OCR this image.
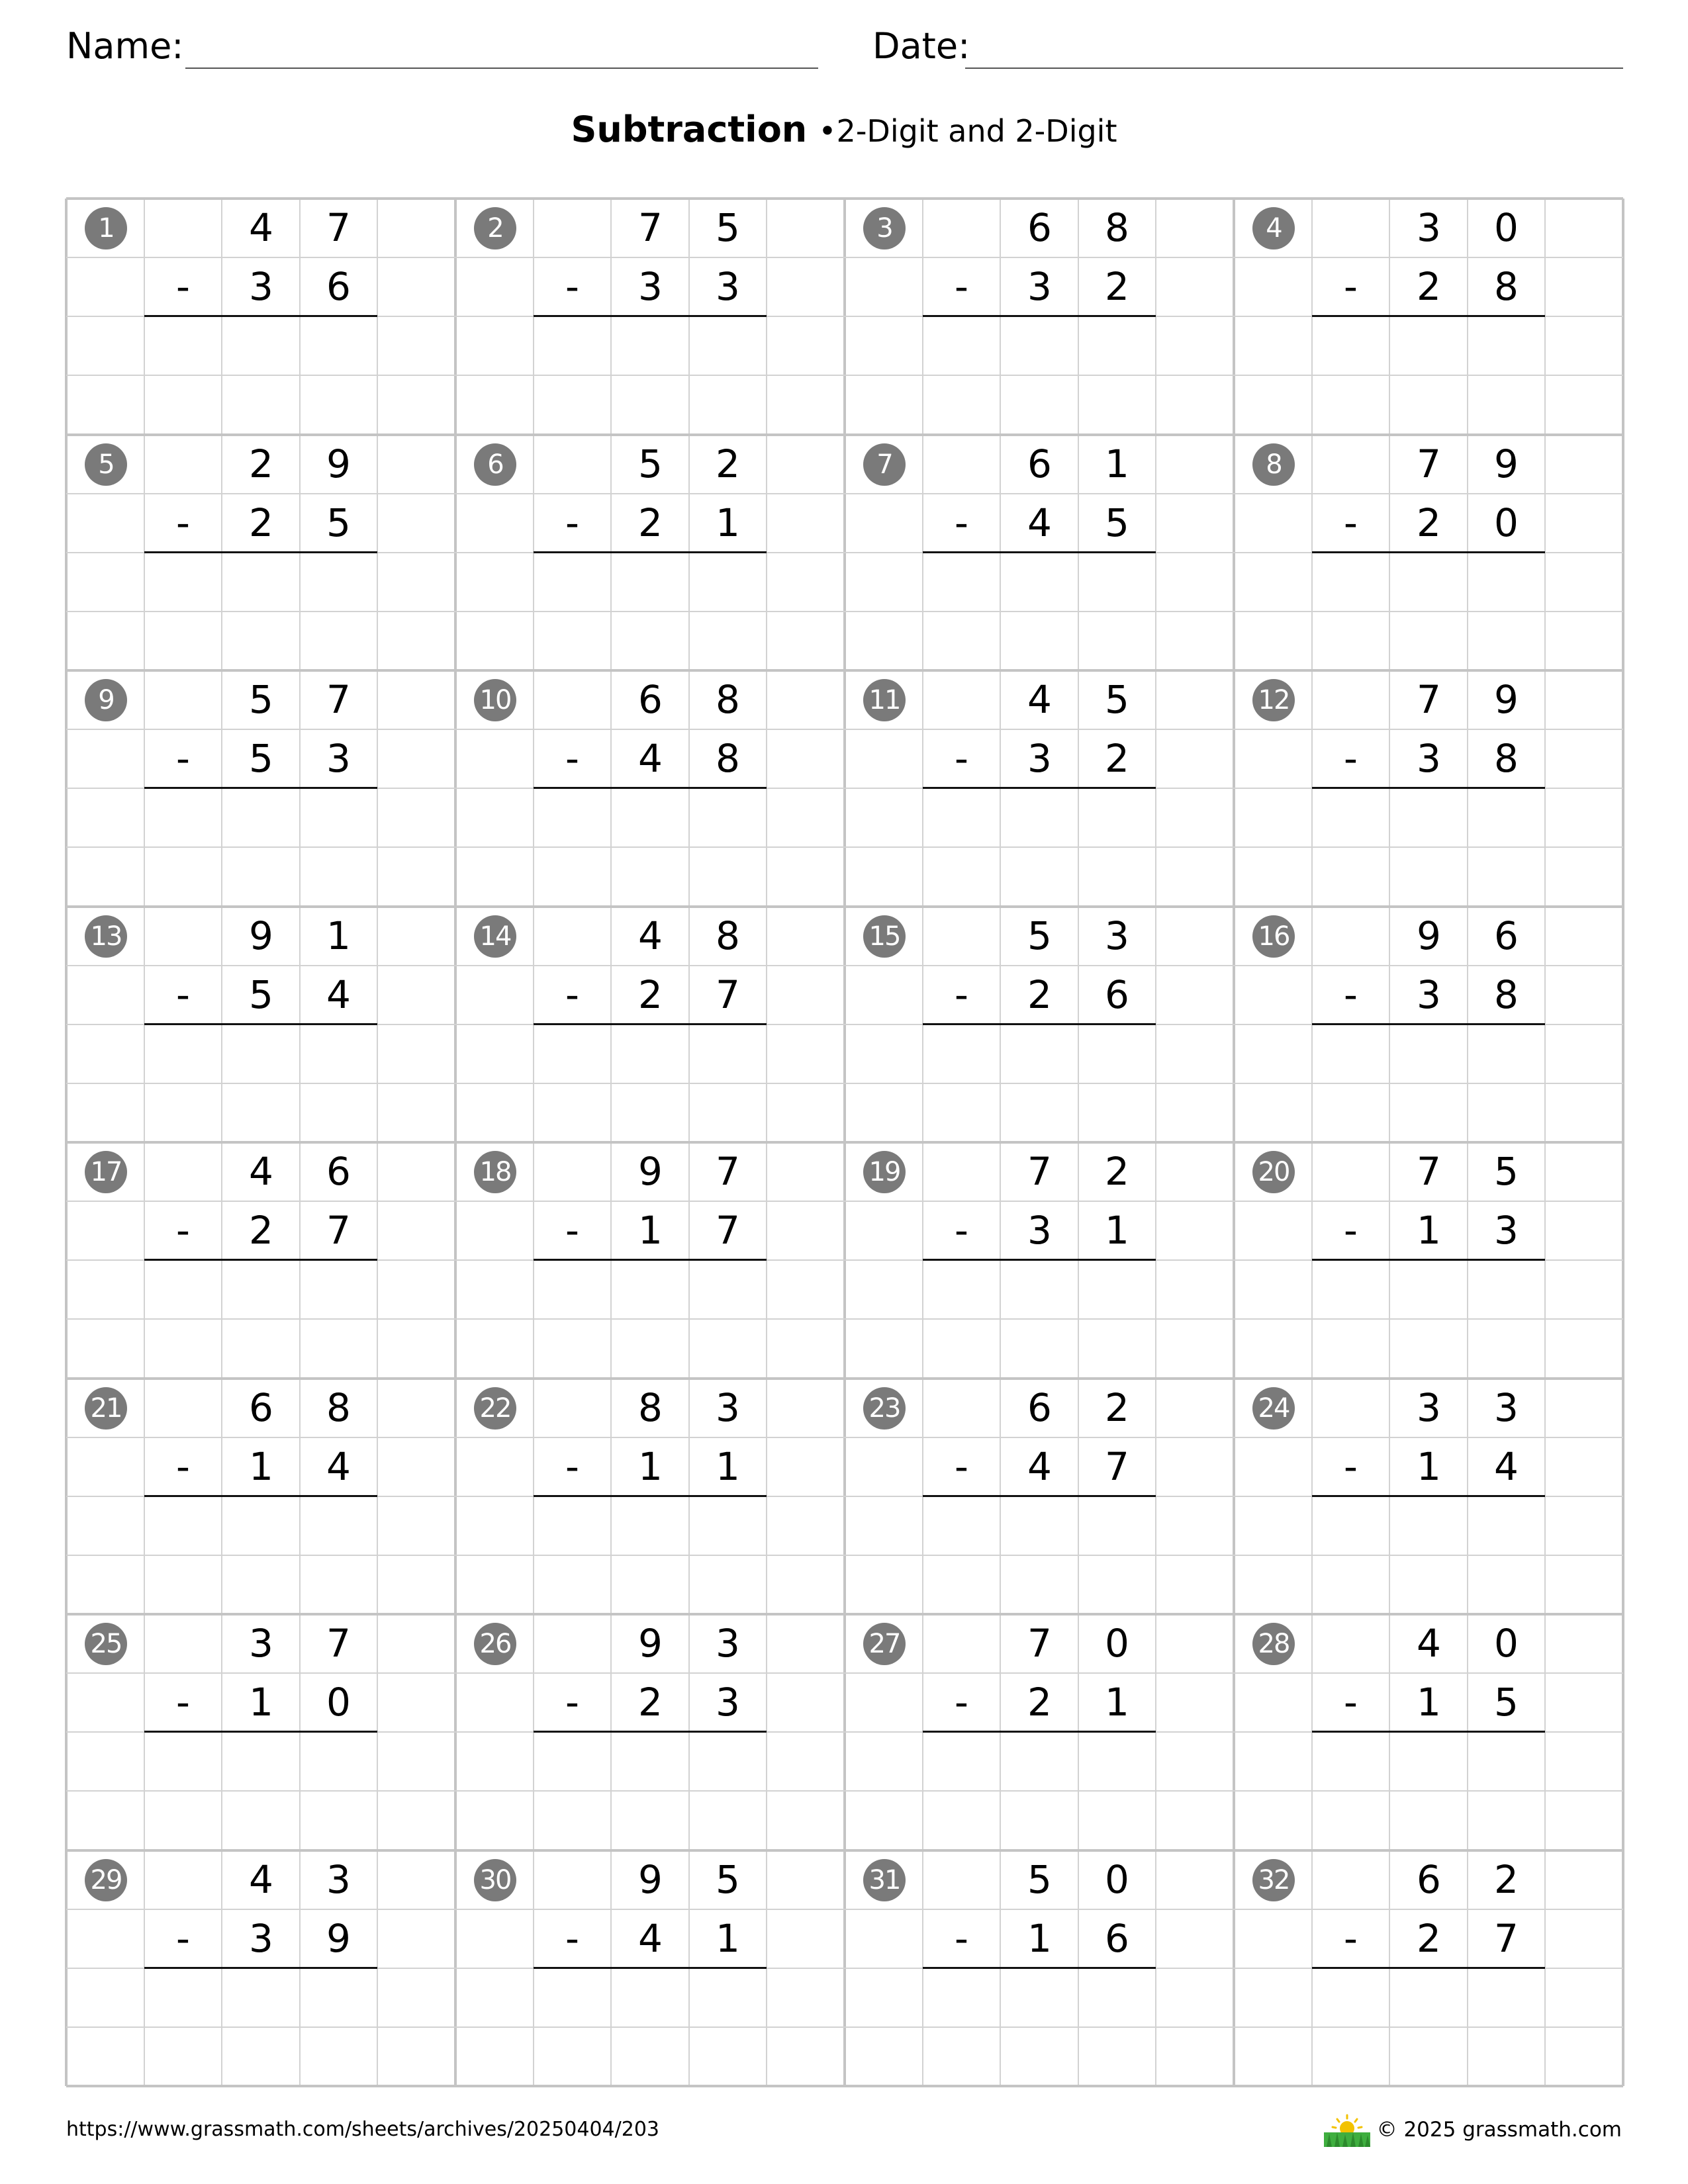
Name:	Date:
Subtraction •2-Digit and 2-Digit
1	4	7
-	3	6
2	7	5
-	3	3
3	6	8
-	3	2
4	3	0
-	2	8
5	2	9
-	2	5
6	5	2
-	2	1
7	6	1
-	4	5
8	7	9
-	2	0
9	5	7
-	5	3
10	6	8
-	4	8
11	4	5
-	3	2
12	7	9
-	3	8
13	9	1
-	5	4
14	4	8
-	2	7
15	5	3
-	2	6
16	9	6
-	3	8
17	4	6
-	2	7
18	9	7
-	1	7
19	7	2
-	3	1
20	7	5
-	1	3
21	6	8
-	1	4
22	8	3
-	1	1
23	6	2
-	4	7
24	3	3
-	1	4
25	3	7
-	1	0
26	9	3
-	2	3
27	7	0
-	2	1
28	4	0
-	1	5
29	4	3
-	3	9
30	9	5
-	4	1
31	5	0
-	1	6
32	6	2
-	2	7
https://www.grassmath.com/sheets/archives/20250404/203	© 2025 grassmath.com
